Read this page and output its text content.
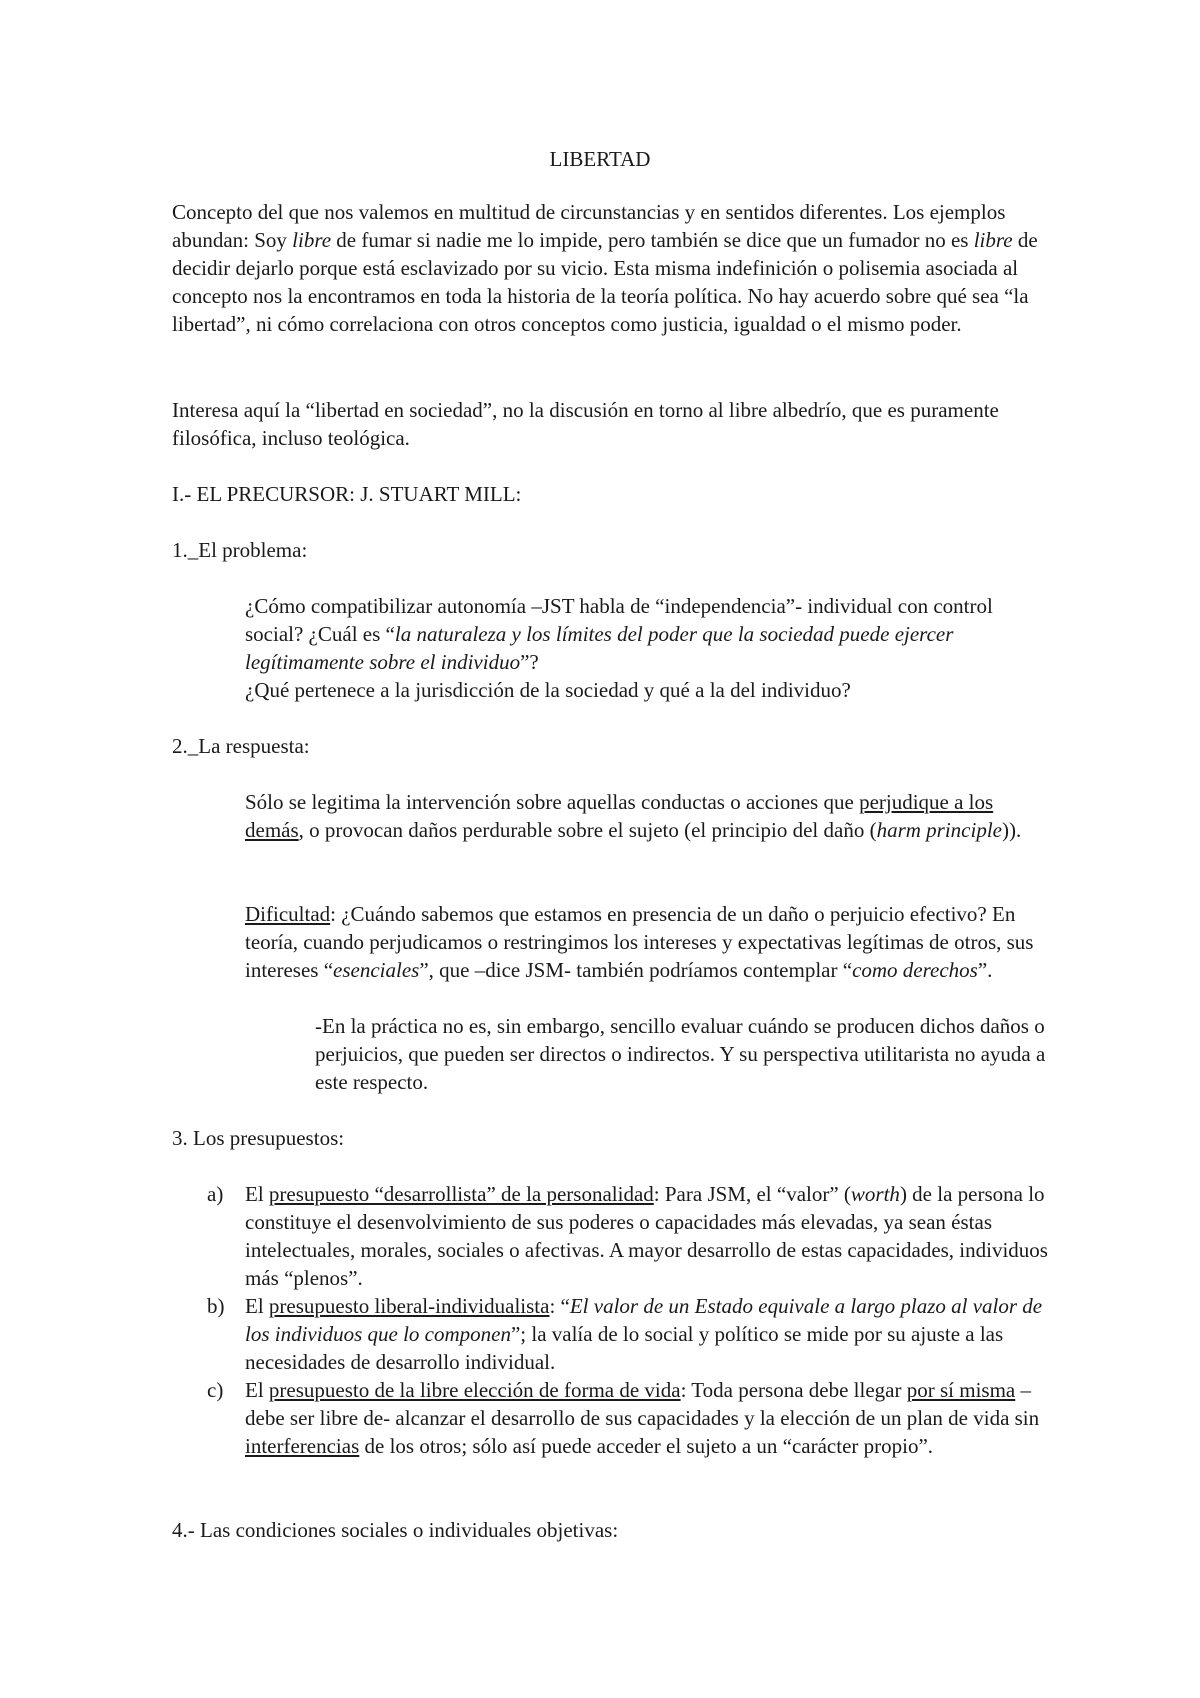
LIBERTAD

Concepto del que nos valemos en multitud de circunstancias y en sentidos diferentes. Los ejemplos abundan: Soy libre de fumar si nadie me lo impide, pero también se dice que un fumador no es libre de decidir dejarlo porque está esclavizado por su vicio. Esta misma indefinición o polisemia asociada al concepto nos la encontramos en toda la historia de la teoría política. No hay acuerdo sobre qué sea “la libertad”, ni cómo correlaciona con otros conceptos como justicia, igualdad o el mismo poder.

Interesa aquí la “libertad en sociedad”, no la discusión en torno al libre albedrío, que es puramente filosófica, incluso teológica.

I.- EL PRECURSOR: J. STUART MILL:

1._El problema:

¿Cómo compatibilizar autonomía –JST habla de “independencia”- individual con control social? ¿Cuál es “la naturaleza y los límites del poder que la sociedad puede ejercer legítimamente sobre el individuo”?

¿Qué pertenece a la jurisdicción de la sociedad y qué a la del individuo?

2._La respuesta:

Sólo se legitima la intervención sobre aquellas conductas o acciones que perjudique a los demás, o provocan daños perdurable sobre el sujeto (el principio del daño (harm principle)).

Dificultad: ¿Cuándo sabemos que estamos en presencia de un daño o perjuicio efectivo? En teoría, cuando perjudicamos o restringimos los intereses y expectativas legítimas de otros, sus intereses “esenciales”, que –dice JSM- también podríamos contemplar “como derechos”.

-En la práctica no es, sin embargo, sencillo evaluar cuándo se producen dichos daños o perjuicios, que pueden ser directos o indirectos. Y su perspectiva utilitarista no ayuda a este respecto.

3. Los presupuestos:

a) El presupuesto “desarrollista” de la personalidad: Para JSM, el “valor” (worth) de la persona lo constituye el desenvolvimiento de sus poderes o capacidades más elevadas, ya sean éstas intelectuales, morales, sociales o afectivas. A mayor desarrollo de estas capacidades, individuos más “plenos”.

b) El presupuesto liberal-individualista: “El valor de un Estado equivale a largo plazo al valor de los individuos que lo componen”; la valía de lo social y político se mide por su ajuste a las necesidades de desarrollo individual.

c) El presupuesto de la libre elección de forma de vida: Toda persona debe llegar por sí misma –debe ser libre de- alcanzar el desarrollo de sus capacidades y la elección de un plan de vida sin interferencias de los otros; sólo así puede acceder el sujeto a un “carácter propio”.

4.- Las condiciones sociales o individuales objetivas:
